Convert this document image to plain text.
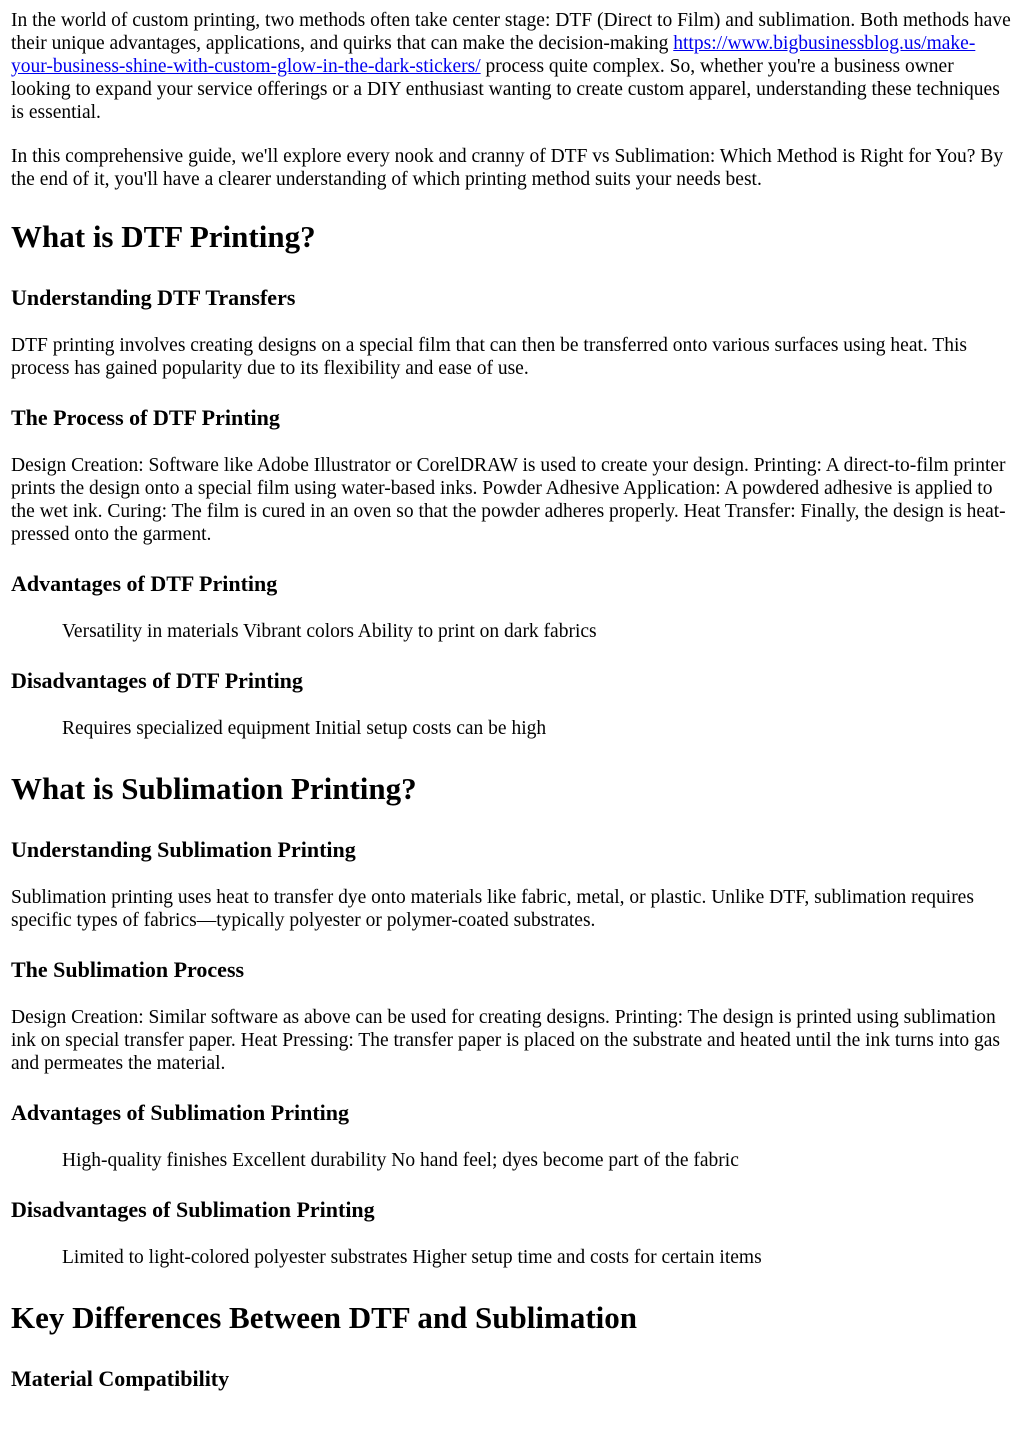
In the world of custom printing, two methods often take center stage: DTF (Direct to Film) and sublimation. Both methods have their unique advantages, applications, and quirks that can make the decision-making https://www.bigbusinessblog.us/make-your-business-shine-with-custom-glow-in-the-dark-stickers/ process quite complex. So, whether you're a business owner looking to expand your service offerings or a DIY enthusiast wanting to create custom apparel, understanding these techniques is essential.

In this comprehensive guide, we'll explore every nook and cranny of DTF vs Sublimation: Which Method is Right for You? By the end of it, you'll have a clearer understanding of which printing method suits your needs best.

What is DTF Printing?
Understanding DTF Transfers

DTF printing involves creating designs on a special film that can then be transferred onto various surfaces using heat. This process has gained popularity due to its flexibility and ease of use.

The Process of DTF Printing

Design Creation: Software like Adobe Illustrator or CorelDRAW is used to create your design. Printing: A direct-to-film printer prints the design onto a special film using water-based inks. Powder Adhesive Application: A powdered adhesive is applied to the wet ink. Curing: The film is cured in an oven so that the powder adheres properly. Heat Transfer: Finally, the design is heat-pressed onto the garment.

Advantages of DTF Printing
Versatility in materials Vibrant colors Ability to print on dark fabrics
Disadvantages of DTF Printing
Requires specialized equipment Initial setup costs can be high
What is Sublimation Printing?
Understanding Sublimation Printing

Sublimation printing uses heat to transfer dye onto materials like fabric, metal, or plastic. Unlike DTF, sublimation requires specific types of fabrics—typically polyester or polymer-coated substrates.

The Sublimation Process

Design Creation: Similar software as above can be used for creating designs. Printing: The design is printed using sublimation ink on special transfer paper. Heat Pressing: The transfer paper is placed on the substrate and heated until the ink turns into gas and permeates the material.

Advantages of Sublimation Printing
High-quality finishes Excellent durability No hand feel; dyes become part of the fabric
Disadvantages of Sublimation Printing
Limited to light-colored polyester substrates Higher setup time and costs for certain items
Key Differences Between DTF and Sublimation
Material Compatibility
